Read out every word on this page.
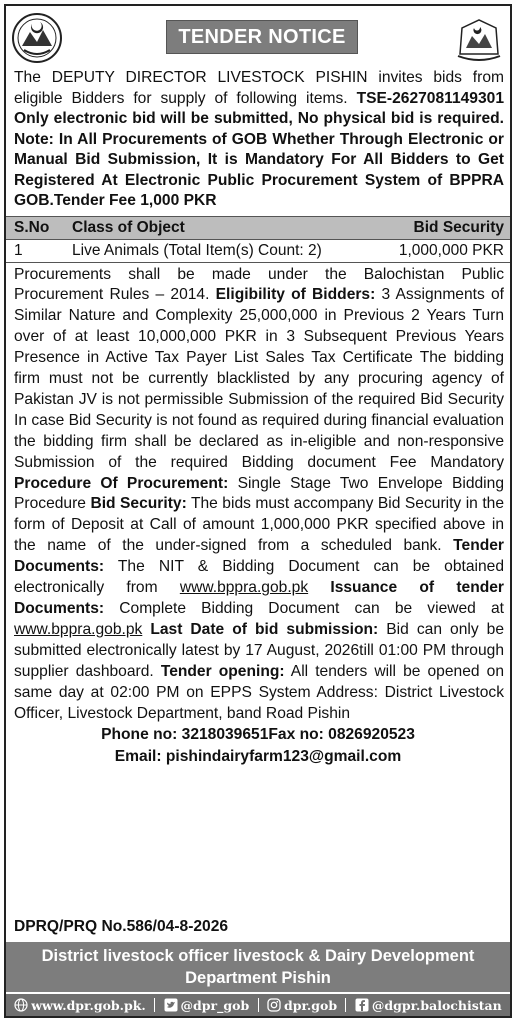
TENDER NOTICE
The DEPUTY DIRECTOR LIVESTOCK PISHIN invites bids from eligible Bidders for supply of following items. TSE-2627081149301 Only electronic bid will be submitted, No physical bid is required. Note: In All Procurements of GOB Whether Through Electronic or Manual Bid Submission, It is Mandatory For All Bidders to Get Registered At Electronic Public Procurement System of BPPRA GOB.Tender Fee 1,000 PKR
S.No	Class of Object	Bid Security
1	Live Animals (Total Item(s) Count: 2)	1,000,000 PKR
Procurements shall be made under the Balochistan Public Procurement Rules – 2014. Eligibility of Bidders: 3 Assignments of Similar Nature and Complexity 25,000,000 in Previous 2 Years Turn over of at least 10,000,000 PKR in 3 Subsequent Previous Years Presence in Active Tax Payer List Sales Tax Certificate The bidding firm must not be currently blacklisted by any procuring agency of Pakistan JV is not permissible Submission of the required Bid Security In case Bid Security is not found as required during financial evaluation the bidding firm shall be declared as in-eligible and non-responsive Submission of the required Bidding document Fee Mandatory Procedure Of Procurement: Single Stage Two Envelope Bidding Procedure Bid Security: The bids must accompany Bid Security in the form of Deposit at Call of amount 1,000,000 PKR specified above in the name of the under-signed from a scheduled bank. Tender Documents: The NIT & Bidding Document can be obtained electronically from www.bppra.gob.pk Issuance of tender Documents: Complete Bidding Document can be viewed at www.bppra.gob.pk Last Date of bid submission: Bid can only be submitted electronically latest by 17 August, 2026till 01:00 PM through supplier dashboard. Tender opening: All tenders will be opened on same day at 02:00 PM on EPPS System Address: District Livestock Officer, Livestock Department, band Road Pishin
Phone no: 3218039651Fax no: 0826920523
Email: pishindairyfarm123@gmail.com
DPRQ/PRQ No.586/04-8-2026
District livestock officer livestock & Dairy Development
Department Pishin
www.dpr.gob.pk.	@dpr_gob	dpr.gob	@dgpr.balochistan
